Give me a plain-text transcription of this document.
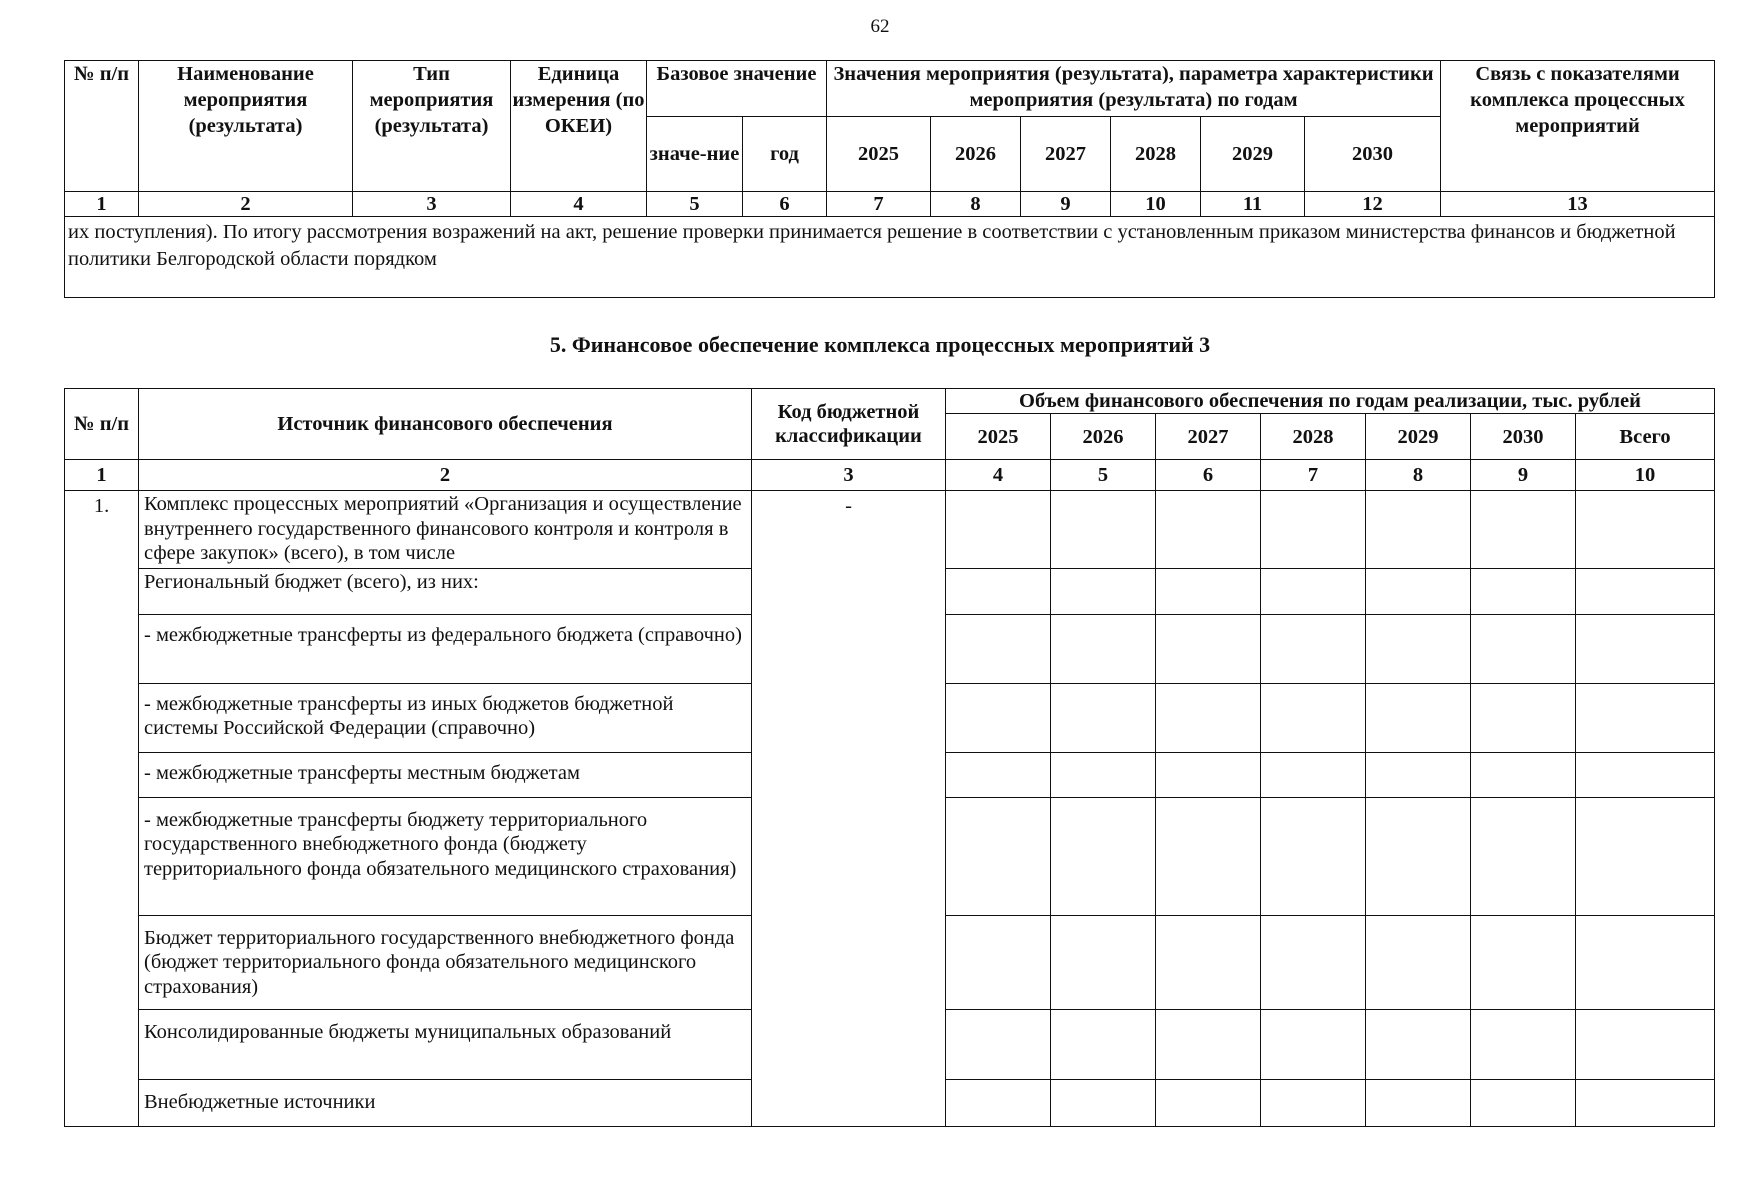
62
№ п/п	Наименование мероприятия (результата)	Тип мероприятия (результата)	Единица измерения (по ОКЕИ)	Базовое значение		Значения мероприятия (результата), параметра характеристики мероприятия (результата) по годам						Связь с показателями комплекса процессных мероприятий
				значе-ние	год	2025	2026	2027	2028	2029	2030	
1	2	3	4	5	6	7	8	9	10	11	12	13
их поступления). По итогу рассмотрения возражений на акт, решение проверки принимается решение в соответствии с установленным приказом министерства финансов и бюджетной политики Белгородской области порядком												
5. Финансовое обеспечение комплекса процессных мероприятий 3
№ п/п	Источник финансового обеспечения	Код бюджетной классификации	Объем финансового обеспечения по годам реализации, тыс. рублей						
			2025	2026	2027	2028	2029	2030	Всего
1	2	3	4	5	6	7	8	9	10
1.	Комплекс процессных мероприятий «Организация и осуществление внутреннего государственного финансового контроля и контроля в сфере закупок» (всего), в том числе	-							
	Региональный бюджет (всего), из них:								
	- межбюджетные трансферты из федерального бюджета (справочно)								
	- межбюджетные трансферты из иных бюджетов бюджетной системы Российской Федерации (справочно)								
	- межбюджетные трансферты местным бюджетам								
	- межбюджетные трансферты бюджету территориального государственного внебюджетного фонда (бюджету территориального фонда обязательного медицинского страхования)								
	Бюджет территориального государственного внебюджетного фонда (бюджет территориального фонда обязательного медицинского страхования)								
	Консолидированные бюджеты муниципальных образований								
	Внебюджетные источники								
